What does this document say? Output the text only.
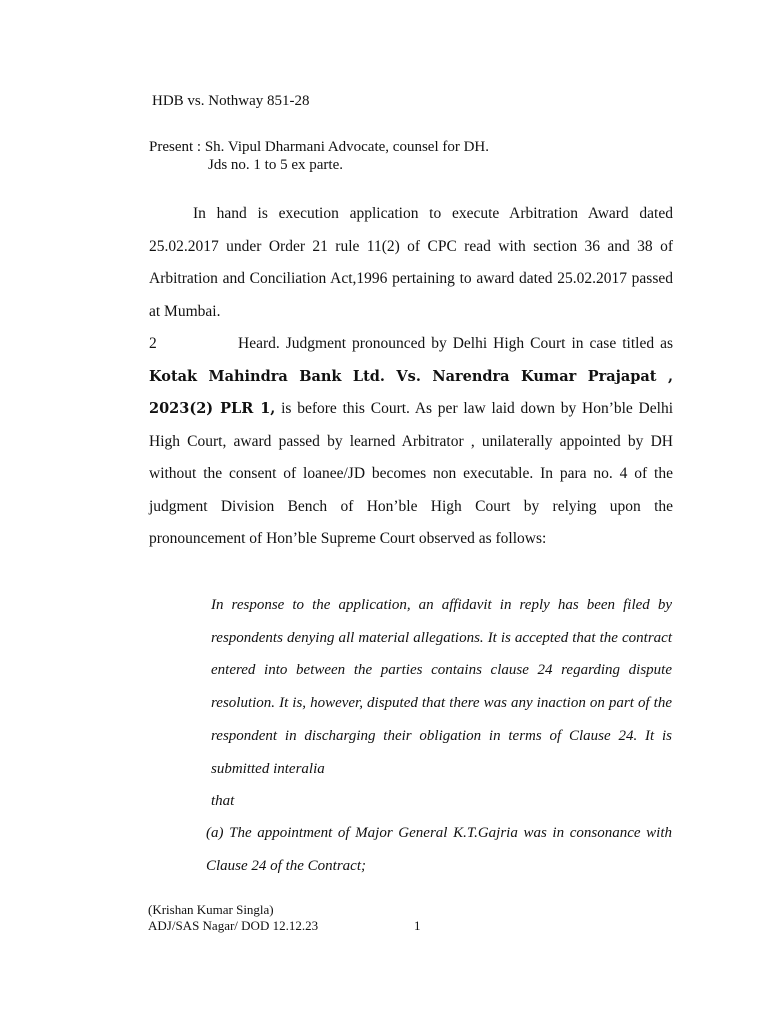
HDB vs. Nothway 851-28
Present : Sh. Vipul Dharmani Advocate, counsel for DH.
Jds no. 1 to 5 ex parte.
In hand is execution application to execute Arbitration Award dated 25.02.2017 under Order 21 rule 11(2) of CPC read with section 36 and 38 of Arbitration and Conciliation Act,1996 pertaining to award dated 25.02.2017 passed at Mumbai.
2	Heard. Judgment pronounced by Delhi High Court in case titled as Kotak Mahindra Bank Ltd. Vs. Narendra Kumar Prajapat , 2023(2) PLR 1, is before this Court. As per law laid down by Hon’ble Delhi High Court, award passed by learned Arbitrator , unilaterally appointed by DH without the consent of loanee/JD becomes non executable. In para no. 4 of the judgment Division Bench of Hon’ble High Court by relying upon the pronouncement of Hon’ble Supreme Court observed as follows:
In response to the application, an affidavit in reply has been filed by respondents denying all material allegations. It is accepted that the contract entered into between the parties contains clause 24 regarding dispute resolution. It is, however, disputed that there was any inaction on part of the respondent in discharging their obligation in terms of Clause 24. It is submitted interalia
that
(a) The appointment of Major General K.T.Gajria was in consonance with Clause 24 of the Contract;
(Krishan Kumar Singla)
ADJ/SAS Nagar/ DOD 12.12.23	1
